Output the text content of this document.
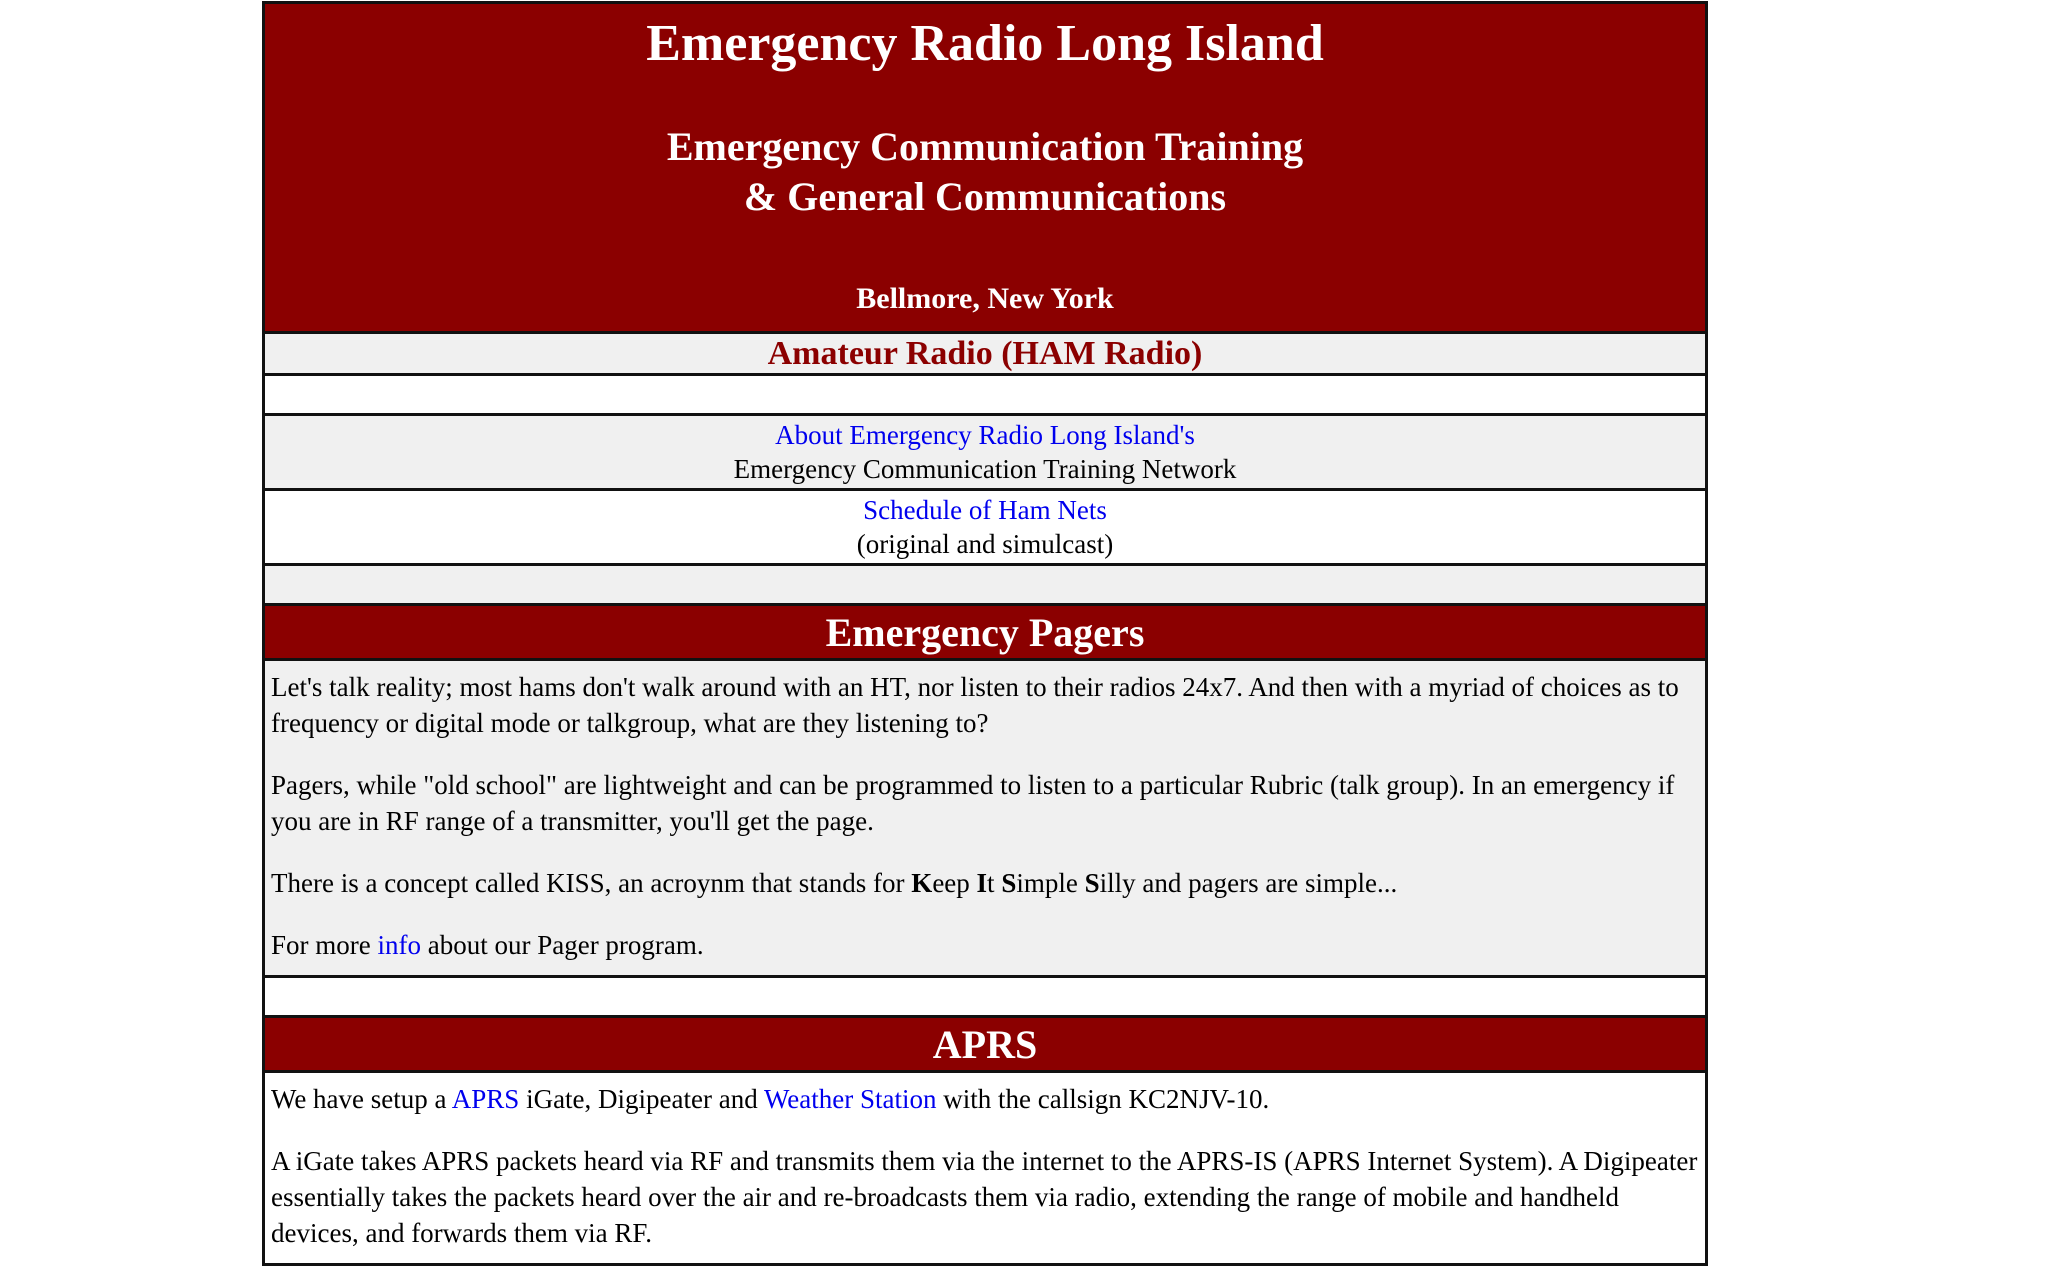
Emergency Radio Long Island
Emergency Communication Training
& General Communications
Bellmore, New York

Amateur Radio (HAM Radio)

About Emergency Radio Long Island's
Emergency Communication Training Network
Schedule of Ham Nets
(original and simulcast)

Emergency Pagers

Let's talk reality; most hams don't walk around with an HT, nor listen to their radios 24x7. And then with a myriad of choices as to frequency or digital mode or talkgroup, what are they listening to?

Pagers, while "old school" are lightweight and can be programmed to listen to a particular Rubric (talk group). In an emergency if you are in RF range of a transmitter, you'll get the page.

There is a concept called KISS, an acroynm that stands for Keep It Simple Silly and pagers are simple...

For more info about our Pager program.

APRS

We have setup a APRS iGate, Digipeater and Weather Station with the callsign KC2NJV-10.

A iGate takes APRS packets heard via RF and transmits them via the internet to the APRS-IS (APRS Internet System). A Digipeater essentially takes the packets heard over the air and re-broadcasts them via radio, extending the range of mobile and handheld devices, and forwards them via RF.
